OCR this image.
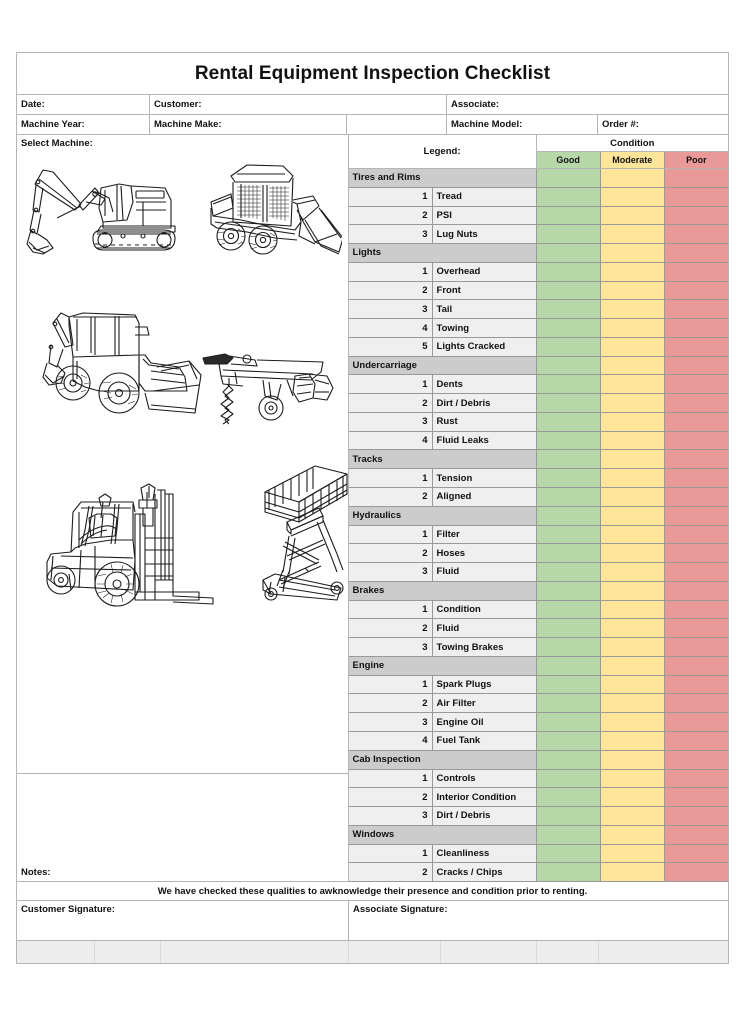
Rental Equipment Inspection Checklist
Date:	Customer:	Associate:
Machine Year:	Machine Make:	Machine Model:	Order #:
Select Machine:
Notes:
Legend:
Condition
Good	Moderate	Poor
Tires and Rims
1 Tread
2 PSI
3 Lug Nuts
Lights
1 Overhead
2 Front
3 Tail
4 Towing
5 Lights Cracked
Undercarriage
1 Dents
2 Dirt / Debris
3 Rust
4 Fluid Leaks
Tracks
1 Tension
2 Aligned
Hydraulics
1 Filter
2 Hoses
3 Fluid
Brakes
1 Condition
2 Fluid
3 Towing Brakes
Engine
1 Spark Plugs
2 Air Filter
3 Engine Oil
4 Fuel Tank
Cab Inspection
1 Controls
2 Interior Condition
3 Dirt / Debris
Windows
1 Cleanliness
2 Cracks / Chips
We have checked these qualities to awknowledge their presence and condition prior to renting.
Customer Signature:	Associate Signature:
